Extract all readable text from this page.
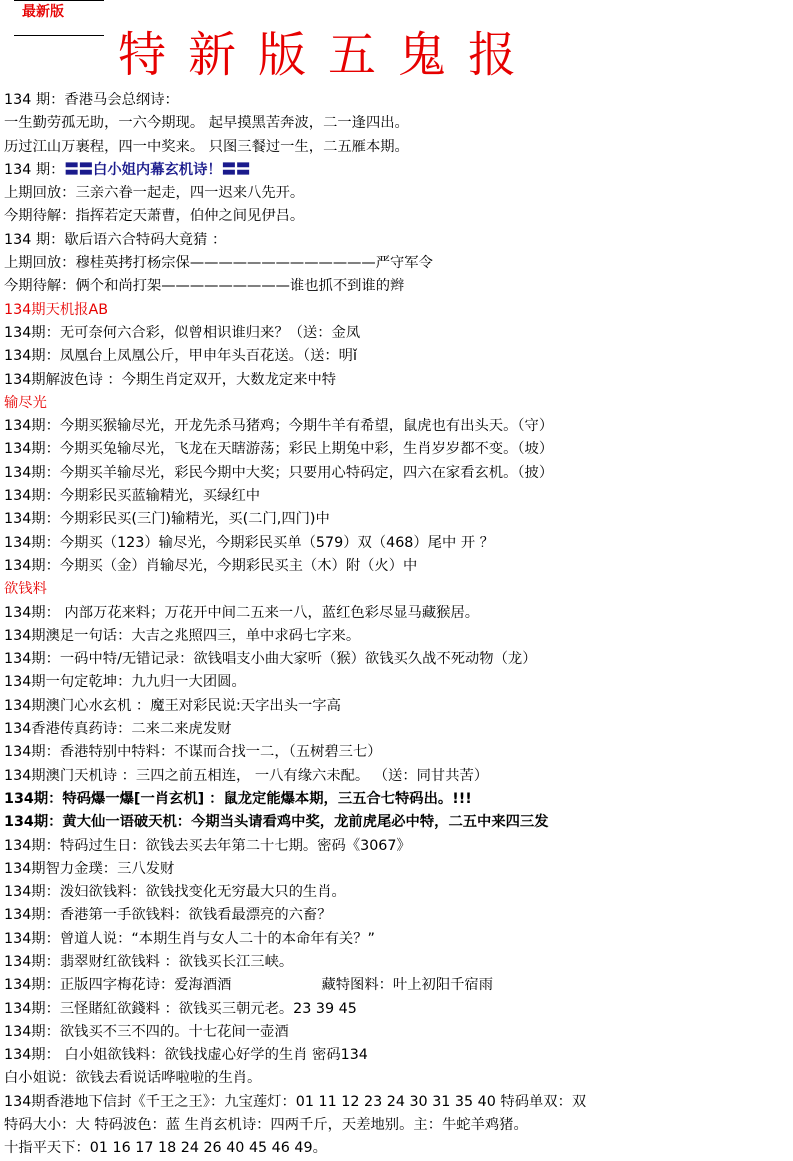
最新版
特新版五鬼报
134 期：香港马会总纲诗：
一生勤劳孤无助，一六今期现。 起早摸黑苦奔波，二一逢四出。
历过江山万裹程，四一中奖来。 只图三餐过一生，二五雁本期。
134 期：〓〓白小姐内幕玄机诗！〓〓
上期回放：三亲六眷一起走，四一迟来八先开。
今期待解：指挥若定天萧曹，伯仲之间见伊吕。
134 期：歇后语六合特码大竟猜 ：
上期回放：穆桂英拷打杨宗保—————————————严守军令
今期待解：俩个和尚打架—————————谁也抓不到谁的辫
134期天机报AB
134期：无可奈何六合彩，似曾相识谁归来？（送：金凤
134期：凤凰台上凤凰公斤，甲申年头百花送。（送：明ǐ
134期解波色诗 ：今期生肖定双开，大数龙定来中特
输尽光
134期：今期买猴输尽光，开龙先杀马猪鸡；今期牛羊有希望，鼠虎也有出头天。（守）
134期：今期买兔输尽光，飞龙在天瞎游荡；彩民上期兔中彩，生肖岁岁都不变。（坡）
134期：今期买羊输尽光，彩民今期中大奖；只要用心特码定，四六在家看玄机。（披）
134期：今期彩民买蓝输精光，买绿红中
134期：今期彩民买(三门)输精光，买(二门,四门)中
134期：今期买（123）输尽光，今期彩民买单（579）双（468）尾中 开 ？
134期：今期买（金）肖输尽光，今期彩民买主（木）附（火）中
欲钱料
134期： 内部万花来料；万花开中间二五来一八，蓝红色彩尽显马藏猴居。
134期澳足一句话：大吉之兆照四三，单中求码七字来。
134期：一码中特/无错记录：欲钱唱支小曲大家听（猴）欲钱买久战不死动物（龙）
134期一句定乾坤：九九归一大团圆。
134期澳门心水玄机 ：魔王对彩民说:天字出头一字高
134香港传真药诗：二来二来虎发财
134期：香港特别中特料：不谋而合找一二，（五树碧三七）
134期澳门天机诗 ：三四之前五相连， 一八有缘六未配。 （送：同甘共苦）
134期：特码爆一爆[一肖玄机] ：鼠龙定能爆本期，三五合七特码出。!!!
134期：黄大仙一语破天机：今期当头请看鸡中奖，龙前虎尾必中特，二五中来四三发
134期：特码过生日：欲钱去买去年第二十七期。密码《3067》
134期智力金璞：三八发财
134期：泼妇欲钱料：欲钱找变化无穷最大只的生肖。
134期：香港第一手欲钱料：欲钱看最漂亮的六畜？
134期：曾道人说：“本期生肖与女人二十的本命年有关？”
134期：翡翠财红欲钱料 ：欲钱买长江三峡。
134期：正版四字梅花诗：爱海酒酒	藏特图料：叶上初阳千宿雨
134期：三怪賭紅欲錢料 ：欲钱买三朝元老。23 39 45
134期：欲钱买不三不四的。十七花间一壶酒
134期： 白小姐欲钱料：欲钱找虚心好学的生肖 密码134
白小姐说：欲钱去看说话哗啦啦的生肖。
134期香港地下信封《千王之王》：九宝莲灯：01 11 12 23 24 30 31 35 40 特码单双：双
特码大小：大 特码波色：蓝 生肖玄机诗：四两千斤，天差地别。主：牛蛇羊鸡猪。
十指平天下：01 16 17 18 24 26 40 45 46 49。
